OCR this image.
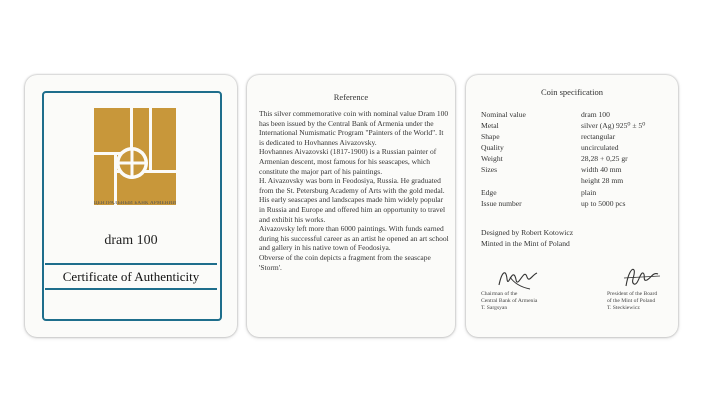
ЦЕНТРАЛЬНЫЙ БАНК АРМЕНИИ
dram 100
Certificate of Authenticity
Reference

This silver commemorative coin with nominal value Dram 100 has been issued by the Central Bank of Armenia under the International Numismatic Program "Painters of the World". It is dedicated to Hovhannes Aivazovsky.

Hovhannes Aivazovski (1817-1900) is a Russian painter of Armenian descent, most famous for his seascapes, which constitute the major part of his paintings.

H. Aivazovsky was born in Feodosiya, Russia. He graduated from the St. Petersburg Academy of Arts with the gold medal. His early seascapes and landscapes made him widely popular in Russia and Europe and offered him an opportunity to travel and exhibit his works.

Aivazovsky left more than 6000 paintings. With funds earned during his successful career as an artist he opened an art school and gallery in his native town of Feodosiya.

Obverse of the coin depicts a fragment from the seascape 'Storm'.

Coin specification
Nominal value	dram 100
Metal	silver (Ag) 925⁰ ± 5⁰
Shape	rectangular
Quality	uncirculated
Weight	28,28 + 0,25 gr
Sizes	width 40 mm
height 28 mm
Edge	plain
Issue number	up to 5000 pcs
Designed by Robert Kotowicz
Minted in the Mint of Poland
Chairman of the
Central Bank of Armenia
T. Sargsyan
President of the Board
of the Mint of Poland
T. Steckiewicz
